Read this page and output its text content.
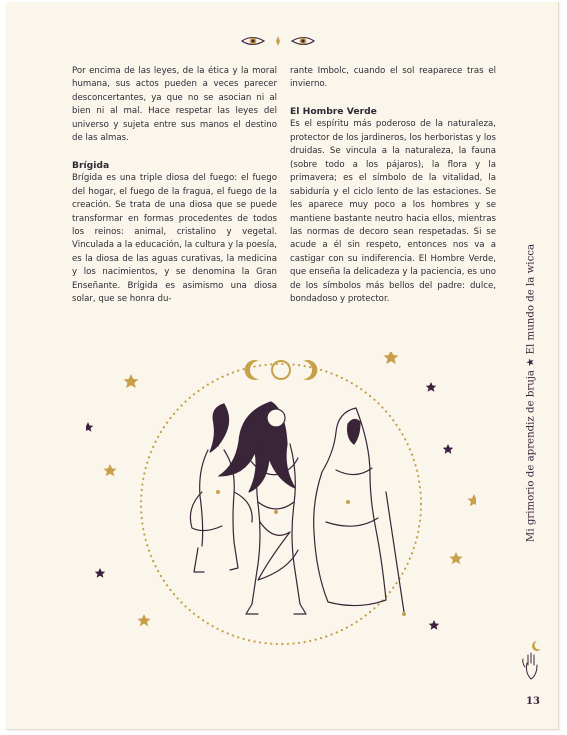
Por encima de las leyes, de la ética y la moral humana, sus actos pueden a veces parecer desconcertantes, ya que no se asocian ni al bien ni al mal. Hace respetar las leyes del universo y sujeta entre sus manos el destino de las almas.

Brígida

Brígida es una triple diosa del fuego: el fuego del hogar, el fuego de la fragua, el fuego de la creación. Se trata de una diosa que se puede transformar en formas procedentes de todos los reinos: animal, cristalino y vegetal. Vinculada a la educación, la cultura y la poesía, es la diosa de las aguas curativas, la medicina y los nacimientos, y se denomina la Gran Enseñante. Brígida es asimismo una diosa solar, que se honra du-

rante Imbolc, cuando el sol reaparece tras el invierno.

El Hombre Verde

Es el espíritu más poderoso de la naturaleza, protector de los jardineros, los herboristas y los druidas. Se vincula a la naturaleza, la fauna (sobre todo a los pájaros), la flora y la primavera; es el símbolo de la vitalidad, la sabiduría y el ciclo lento de las estaciones. Se les aparece muy poco a los hombres y se mantiene bastante neutro hacia ellos, mientras las normas de decoro sean respetadas. Si se acude a él sin respeto, entonces nos va a castigar con su indiferencia. El Hombre Verde, que enseña la delicadeza y la paciencia, es uno de los símbolos más bellos del padre: dulce, bondadoso y protector.	Mi grimorio de aprendiz de bruja ★ El mundo de la wicca
13
